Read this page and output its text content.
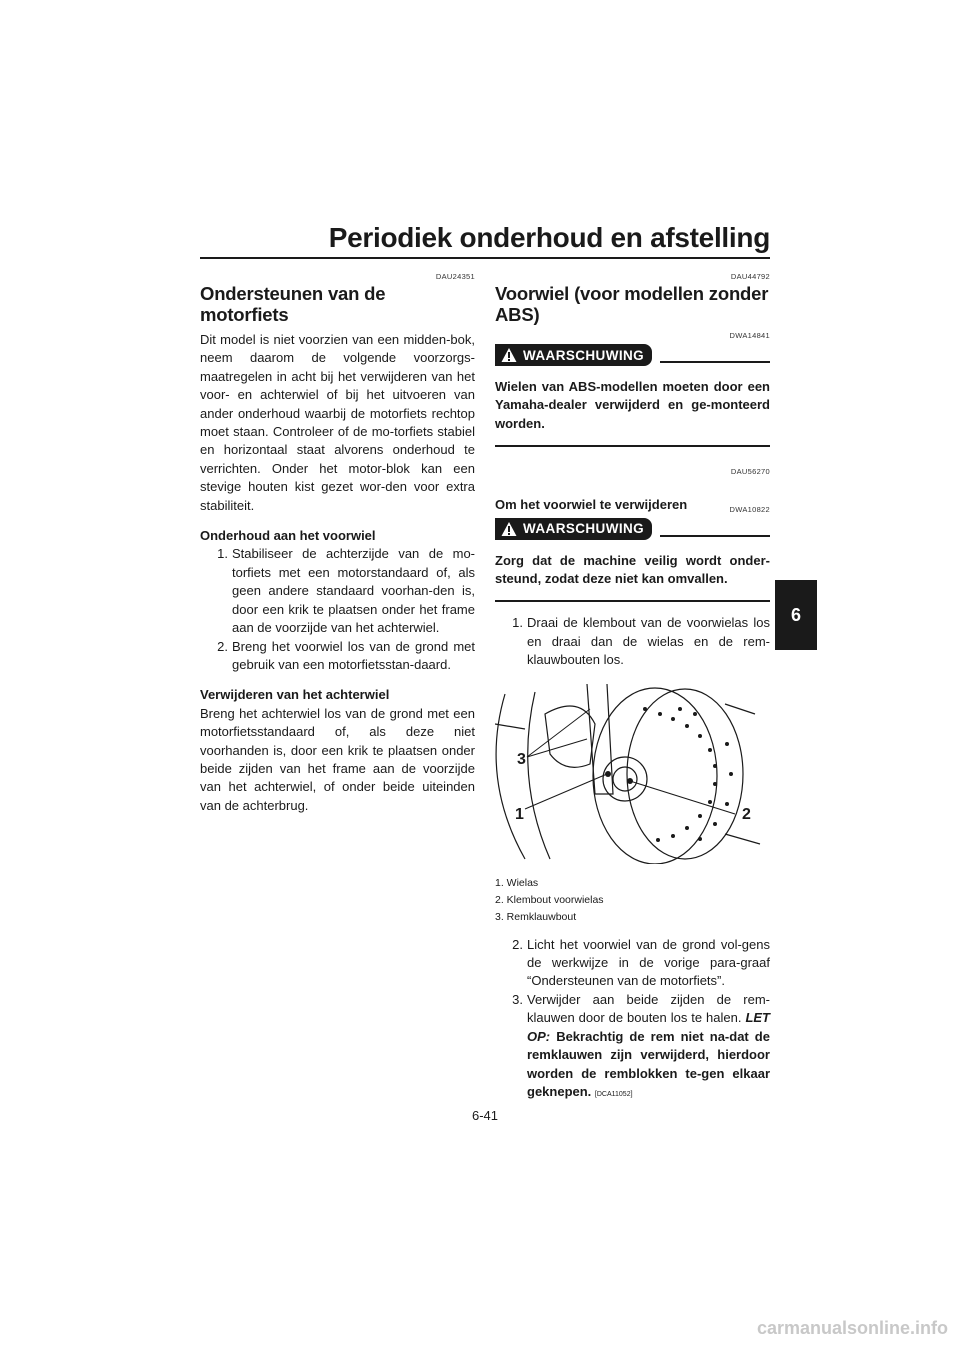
Periodiek onderhoud en afstelling
6
DAU24351
Ondersteunen van de motorfiets

Dit model is niet voorzien van een midden-bok, neem daarom de volgende voorzorgs-maatregelen in acht bij het verwijderen van het voor- en achterwiel of bij het uitvoeren van ander onderhoud waarbij de motorfiets rechtop moet staan. Controleer of de mo-torfiets stabiel en horizontaal staat alvorens onderhoud te verrichten. Onder het motor-blok kan een stevige houten kist gezet wor-den voor extra stabiliteit.

Onderhoud aan het voorwiel
1. Stabiliseer de achterzijde van de mo-torfiets met een motorstandaard of, als geen andere standaard voorhan-den is, door een krik te plaatsen onder het frame aan de voorzijde van het achterwiel.
2. Breng het voorwiel los van de grond met gebruik van een motorfietsstan-daard.
Verwijderen van het achterwiel

Breng het achterwiel los van de grond met een motorfietsstandaard of, als deze niet voorhanden is, door een krik te plaatsen onder beide zijden van het frame aan de voorzijde van het achterwiel, of onder beide uiteinden van de achterbrug.

DAU44792
Voorwiel (voor modellen zonder ABS)
DWA14841
WAARSCHUWING
Wielen van ABS-modellen moeten door een Yamaha-dealer verwijderd en ge-monteerd worden.
DAU56270
Om het voorwiel te verwijderen	DWA10822
WAARSCHUWING
Zorg dat de machine veilig wordt onder-steund, zodat deze niet kan omvallen.
1. Draai de klembout van de voorwielas los en draai dan de wielas en de rem-klauwbouten los.
3
1	2
1. Wielas
2. Klembout voorwielas
3. Remklauwbout
2. Licht het voorwiel van de grond vol-gens de werkwijze in de vorige para-graaf “Ondersteunen van de motorfiets”.
3. Verwijder aan beide zijden de rem-klauwen door de bouten los te halen. LET OP: Bekrachtig de rem niet na-dat de remklauwen zijn verwijderd, hierdoor worden de remblokken te-gen elkaar geknepen. [DCA11052]
6-41
carmanualsonline.info
